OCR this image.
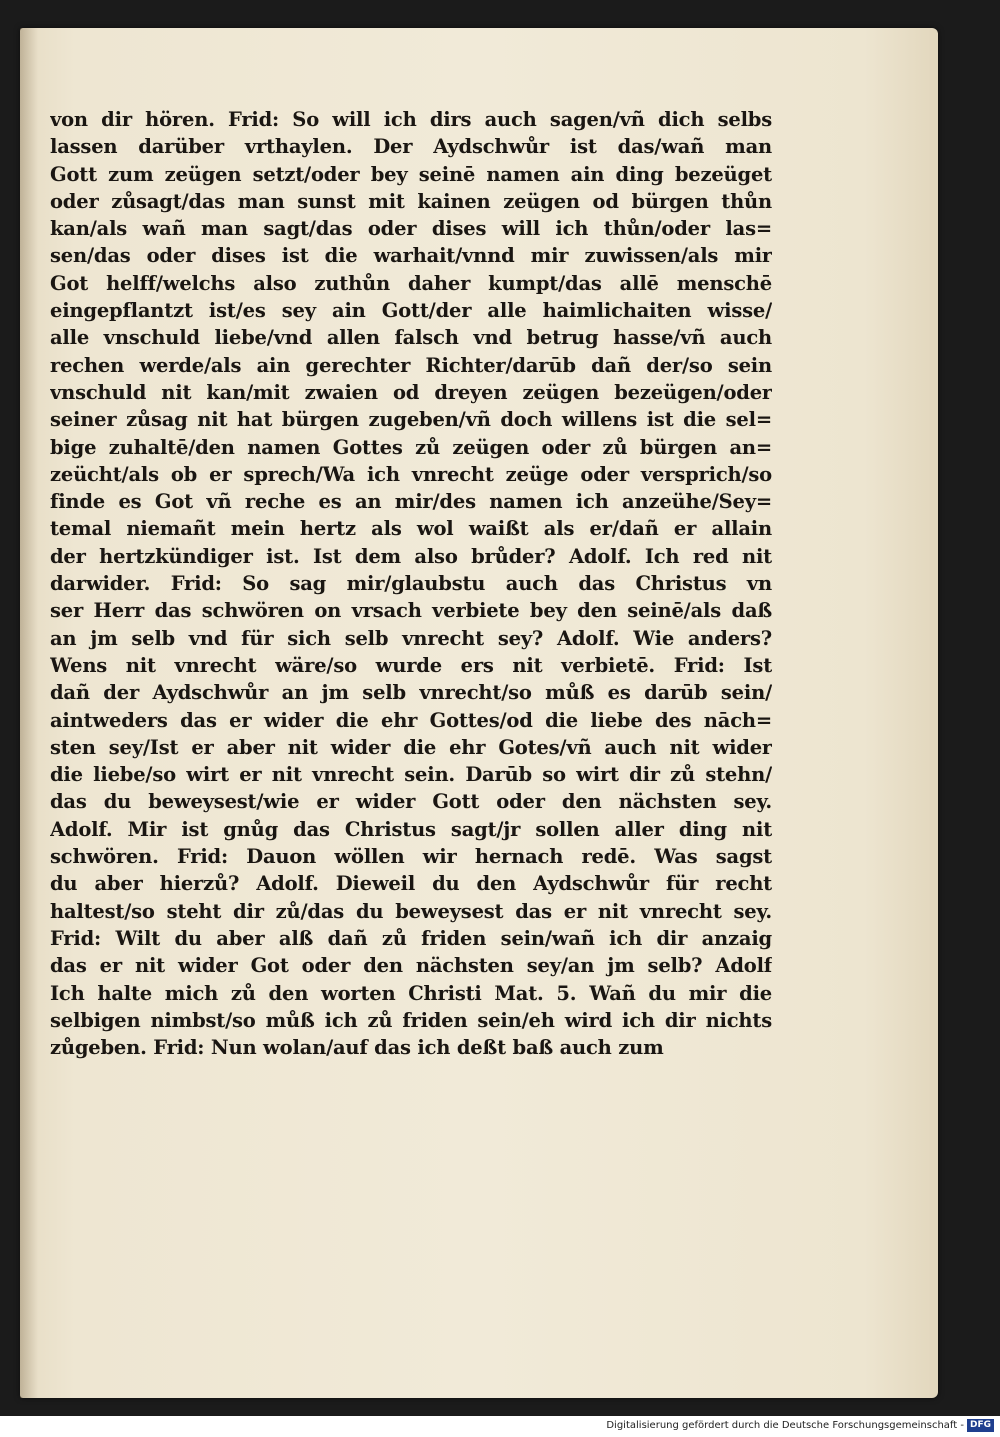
von dir hören. Frid: So will ich dirs auch sagen/vñ dich selbs
lassen darüber vrthaylen. Der Aydschwůr ist das/wañ man
Gott zum zeügen setzt/oder bey seinē namen ain ding bezeüget
oder zůsagt/das man sunst mit kainen zeügen od bürgen thůn
kan/als wañ man sagt/das oder dises will ich thůn/oder las=
sen/das oder dises ist die warhait/vnnd mir zuwissen/als mir
Got helff/welchs also zuthůn daher kumpt/das allē menschē
eingepflantzt ist/es sey ain Gott/der alle haimlichaiten wisse/
alle vnschuld liebe/vnd allen falsch vnd betrug hasse/vñ auch
rechen werde/als ain gerechter Richter/darūb dañ der/so sein
vnschuld nit kan/mit zwaien od dreyen zeügen bezeügen/oder
seiner zůsag nit hat bürgen zugeben/vñ doch willens ist die sel=
bige zuhaltē/den namen Gottes zů zeügen oder zů bürgen an=
zeücht/als ob er sprech/Wa ich vnrecht zeüge oder versprich/so
finde es Got vñ reche es an mir/des namen ich anzeühe/Sey=
temal niemañt mein hertz als wol waißt als er/dañ er allain
der hertzkündiger ist. Ist dem also brůder? Adolf. Ich red nit
darwider. Frid: So sag mir/glaubstu auch das Christus vn
ser Herr das schwören on vrsach verbiete bey den seinē/als daß
an jm selb vnd für sich selb vnrecht sey? Adolf. Wie anders?
Wens nit vnrecht wäre/so wurde ers nit verbietē. Frid: Ist
dañ der Aydschwůr an jm selb vnrecht/so můß es darūb sein/
aintweders das er wider die ehr Gottes/od die liebe des nāch=
sten sey/Ist er aber nit wider die ehr Gotes/vñ auch nit wider
die liebe/so wirt er nit vnrecht sein. Darūb so wirt dir zů stehn/
das du beweysest/wie er wider Gott oder den nächsten sey.
Adolf. Mir ist gnůg das Christus sagt/jr sollen aller ding nit
schwören. Frid: Dauon wöllen wir hernach redē. Was sagst
du aber hierzů? Adolf. Dieweil du den Aydschwůr für recht
haltest/so steht dir zů/das du beweysest das er nit vnrecht sey.
Frid: Wilt du aber alß dañ zů friden sein/wañ ich dir anzaig
das er nit wider Got oder den nächsten sey/an jm selb? Adolf
Ich halte mich zů den worten Christi Mat. 5. Wañ du mir die
selbigen nimbst/so můß ich zů friden sein/eh wird ich dir nichts
zůgeben. Frid: Nun wolan/auf das ich deßt baß auch zum
Digitalisierung gefördert durch die Deutsche Forschungsgemeinschaft - DFG
